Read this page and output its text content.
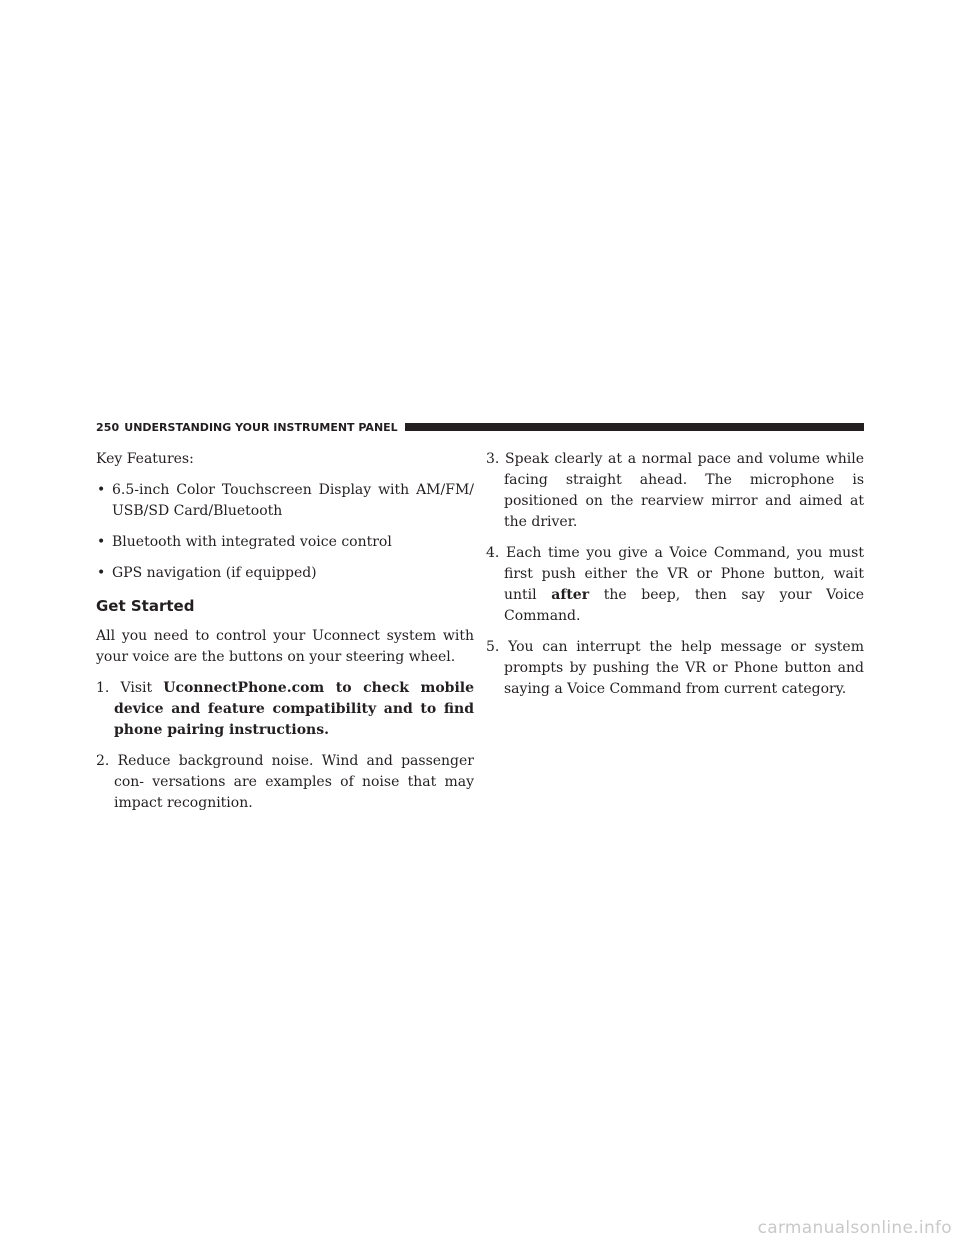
250 UNDERSTANDING YOUR INSTRUMENT PANEL

Key Features:

• 6.5-inch Color Touchscreen Display with AM/FM/ USB/SD Card/Bluetooth

• Bluetooth with integrated voice control

• GPS navigation (if equipped)

Get Started

All you need to control your Uconnect system with your voice are the buttons on your steering wheel.

1. Visit UconnectPhone.com to check mobile device and feature compatibility and to find phone pairing instructions.

2. Reduce background noise. Wind and passenger con- versations are examples of noise that may impact recognition.

3. Speak clearly at a normal pace and volume while facing straight ahead. The microphone is positioned on the rearview mirror and aimed at the driver.

4. Each time you give a Voice Command, you must first push either the VR or Phone button, wait until after the beep, then say your Voice Command.

5. You can interrupt the help message or system prompts by pushing the VR or Phone button and saying a Voice Command from current category.

carmanualsonline.info
